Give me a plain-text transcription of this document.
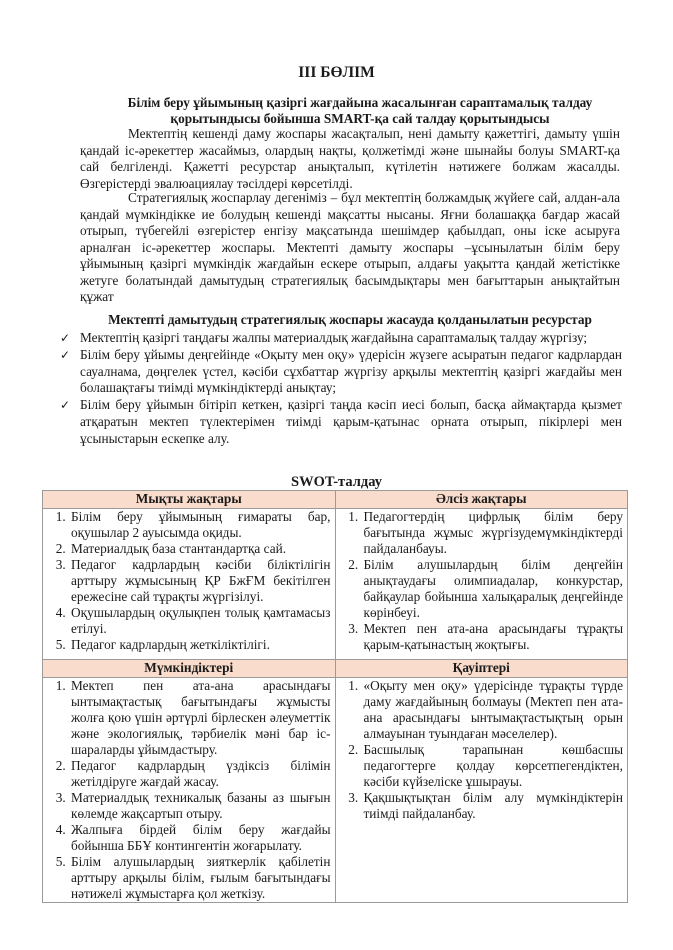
ІІІ БӨЛІМ
Білім беру ұйымының қазіргі жағдайына жасалынған сараптамалық талдау қорытындысы бойынша SMART-қа сай талдау қорытындысы

Мектептің кешенді даму жоспары жасақталып, нені дамыту қажеттігі, дамыту үшін қандай іс-әрекеттер жасаймыз, олардың нақты, қолжетімді және шынайы болуы SMART-қа сай белгіленді. Қажетті ресурстар анықталып, күтілетін нәтижеге болжам жасалды. Өзгерістерді эвалюациялау тәсілдері көрсетілді.

Стратегиялық жоспарлау дегеніміз – бұл мектептің болжамдық жүйеге сай, алдан-ала қандай мүмкіндікке ие болудың кешенді мақсатты нысаны. Яғни болашаққа бағдар жасай отырып, түбегейлі өзгерістер енгізу мақсатында шешімдер қабылдап, оны іске асыруға арналған іс-әрекеттер жоспары. Мектепті дамыту жоспары –ұсынылатын білім беру ұйымының қазіргі мүмкіндік жағдайын ескере отырып, алдағы уақытта қандай жетістікке жетуге болатындай дамытудың стратегиялық басымдықтары мен бағыттарын анықтайтын құжат

Мектепті дамытудың стратегиялық жоспары жасауда қолданылатын ресурстар
✓ Мектептің қазіргі таңдағы жалпы материалдық жағдайына сараптамалық талдау жүргізу;
✓ Білім беру ұйымы деңгейінде «Оқыту мен оқу» үдерісін жүзеге асыратын педагог кадрлардан сауалнама, дөңгелек үстел, кәсіби сұхбаттар жүргізу арқылы мектептің қазіргі жағдайы мен болашақтағы тиімді мүмкіндіктерді анықтау;
✓ Білім беру ұйымын бітіріп кеткен, қазіргі таңда кәсіп иесі болып, басқа аймақтарда қызмет атқаратын мектеп түлектерімен тиімді қарым-қатынас орната отырып, пікірлері мен ұсыныстарын ескепке алу.
SWOT-талдау
Мықты жақтары	Әлсіз жақтары

1. Білім беру ұйымының ғимараты бар, оқушылар 2 ауысымда оқиды.
2. Материалдық база стантандартқа сай.
3. Педагог кадрлардың кәсіби біліктілігін арттыру жұмысының ҚР БжҒМ бекітілген ережесіне сай тұрақты жүргізілуі.
4. Оқушылардың оқулықпен толық қамтамасыз етілуі.
5. Педагог кадрлардың жеткіліктілігі.

1. Педагогтердің цифрлық білім беру бағытында жұмыс жүргізудемүмкіндіктерді пайдаланбауы.
2. Білім алушылардың білім деңгейін анықтаудағы олимпиадалар, конкурстар, байқаулар бойынша халықаралық деңгейінде көрінбеуі.
3. Мектеп пен ата-ана арасындағы тұрақты қарым-қатынастың жоқтығы.

Мүмкіндіктері	Қауіптері

1. Мектеп пен ата-ана арасындағы ынтымақтастық бағытындағы жұмысты жолға қою үшін әртүрлі бірлескен әлеуметтік және экологиялық, тәрбиелік мәні бар іс-шараларды ұйымдастыру.
2. Педагог кадрлардың үздіксіз білімін жетілдіруге жағдай жасау.
3. Материалдық техникалық базаны аз шығын көлемде жақсартып отыру.
4. Жалпыға бірдей білім беру жағдайы бойынша ББҰ контингентін жоғарылату.
5. Білім алушылардың зияткерлік қабілетін арттыру арқылы білім, ғылым бағытындағы нәтижелі жұмыстарға қол жеткізу.

1. «Оқыту мен оқу» үдерісінде тұрақты түрде даму жағдайының болмауы (Мектеп пен ата-ана арасындағы ынтымақтастықтың орын алмауынан туындаған мәселелер).
2. Басшылық тарапынан көшбасшы педагогтерге қолдау көрсетпегендіктен, кәсіби күйзеліске ұшырауы.
3. Қақшықтықтан білім алу мүмкіндіктерін тиімді пайдаланбау.
